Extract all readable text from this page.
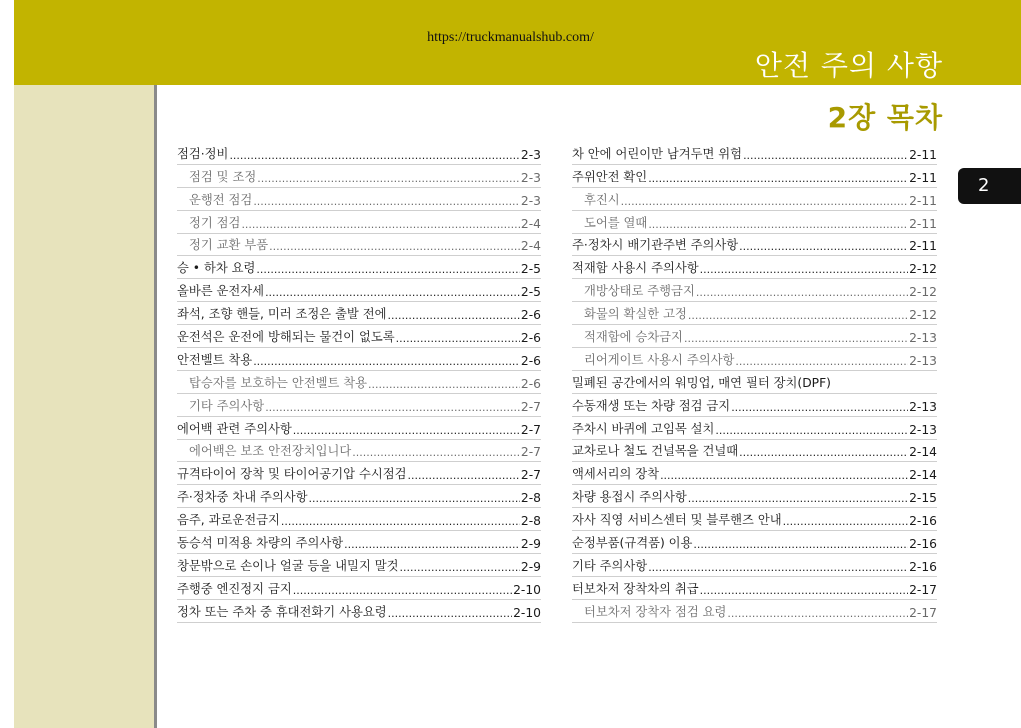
https://truckmanualshub.com/
안전 주의 사항
2장 목차
2
점검·정비 .....	2-3
점검 및 조정 .....	2-3
운행전 점검 .....	2-3
정기 점검 .....	2-4
정기 교환 부품 .....	2-4
승 • 하차 요령 .....	2-5
올바른 운전자세 .....	2-5
좌석, 조향 핸들, 미러 조정은 출발 전에 .....	2-6
운전석은 운전에 방해되는 물건이 없도록 .....	2-6
안전벨트 착용 .....	2-6
탑승자를 보호하는 안전벨트 착용 .....	2-6
기타 주의사항 .....	2-7
에어백 관련 주의사항 .....	2-7
에어백은 보조 안전장치입니다 .....	2-7
규격타이어 장착 및 타이어공기압 수시점검 .....	2-7
주·정차중 차내 주의사항 .....	2-8
음주, 과로운전금지 .....	2-8
동승석 미적용 차량의 주의사항 .....	2-9
창문밖으로 손이나 얼굴 등을 내밀지 말것 .....	2-9
주행중 엔진정지 금지 .....	2-10
정차 또는 주차 중 휴대전화기 사용요령 .....	2-10
차 안에 어린이만 남겨두면 위험 .....	2-11
주위안전 확인 .....	2-11
후진시 .....	2-11
도어를 열때 .....	2-11
주·정차시 배기관주변 주의사항 .....	2-11
적재함 사용시 주의사항 .....	2-12
개방상태로 주행금지 .....	2-12
화물의 확실한 고정 .....	2-12
적재함에 승차금지 .....	2-13
리어게이트 사용시 주의사항 .....	2-13
밀폐된 공간에서의 워밍업, 매연 필터 장치(DPF)
수동재생 또는 차량 점검 금지 .....	2-13
주차시 바퀴에 고임목 설치 .....	2-13
교차로나 철도 건널목을 건널때 .....	2-14
액세서리의 장착 .....	2-14
차량 용접시 주의사항 .....	2-15
자사 직영 서비스센터 및 블루핸즈 안내 .....	2-16
순정부품(규격품) 이용 .....	2-16
기타 주의사항 .....	2-16
터보차저 장착차의 취급 .....	2-17
터보차저 장착자 점검 요령 .....	2-17
